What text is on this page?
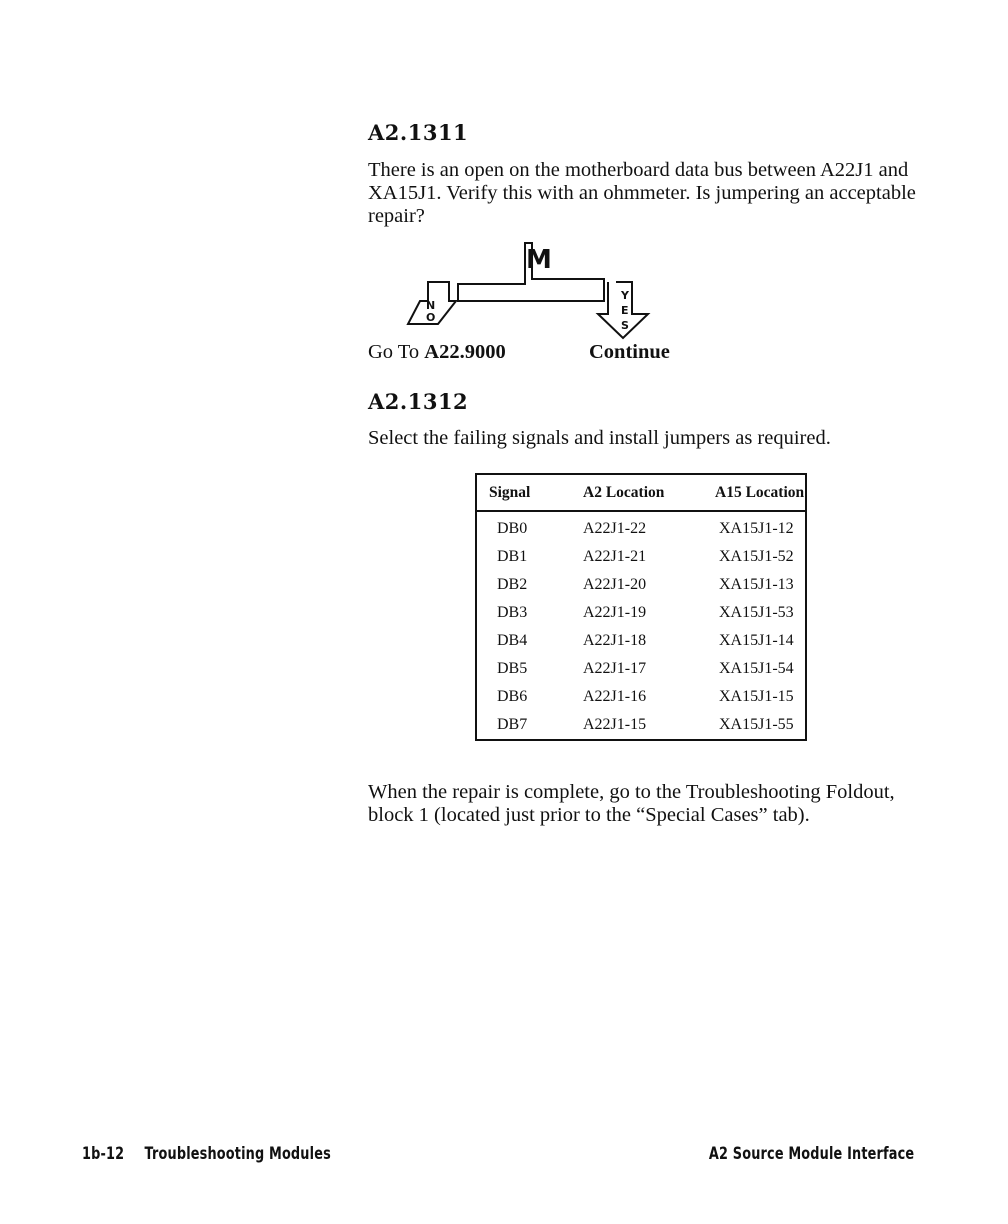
A2.1311

There is an open on the motherboard data bus between A22J1 and XA15J1. Verify this with an ohmmeter. Is jumpering an acceptable repair?

M
N
O
Y
E
S
Go To A22.9000	Continue
A2.1312

Select the failing signals and install jumpers as required.

Signal	A2 Location	A15 Location
DB0	A22J1-22	XA15J1-12
DB1	A22J1-21	XA15J1-52
DB2	A22J1-20	XA15J1-13
DB3	A22J1-19	XA15J1-53
DB4	A22J1-18	XA15J1-14
DB5	A22J1-17	XA15J1-54
DB6	A22J1-16	XA15J1-15
DB7	A22J1-15	XA15J1-55

When the repair is complete, go to the Troubleshooting Foldout, block 1 (located just prior to the “Special Cases” tab).

1b-12 Troubleshooting Modules	A2 Source Module Interface
